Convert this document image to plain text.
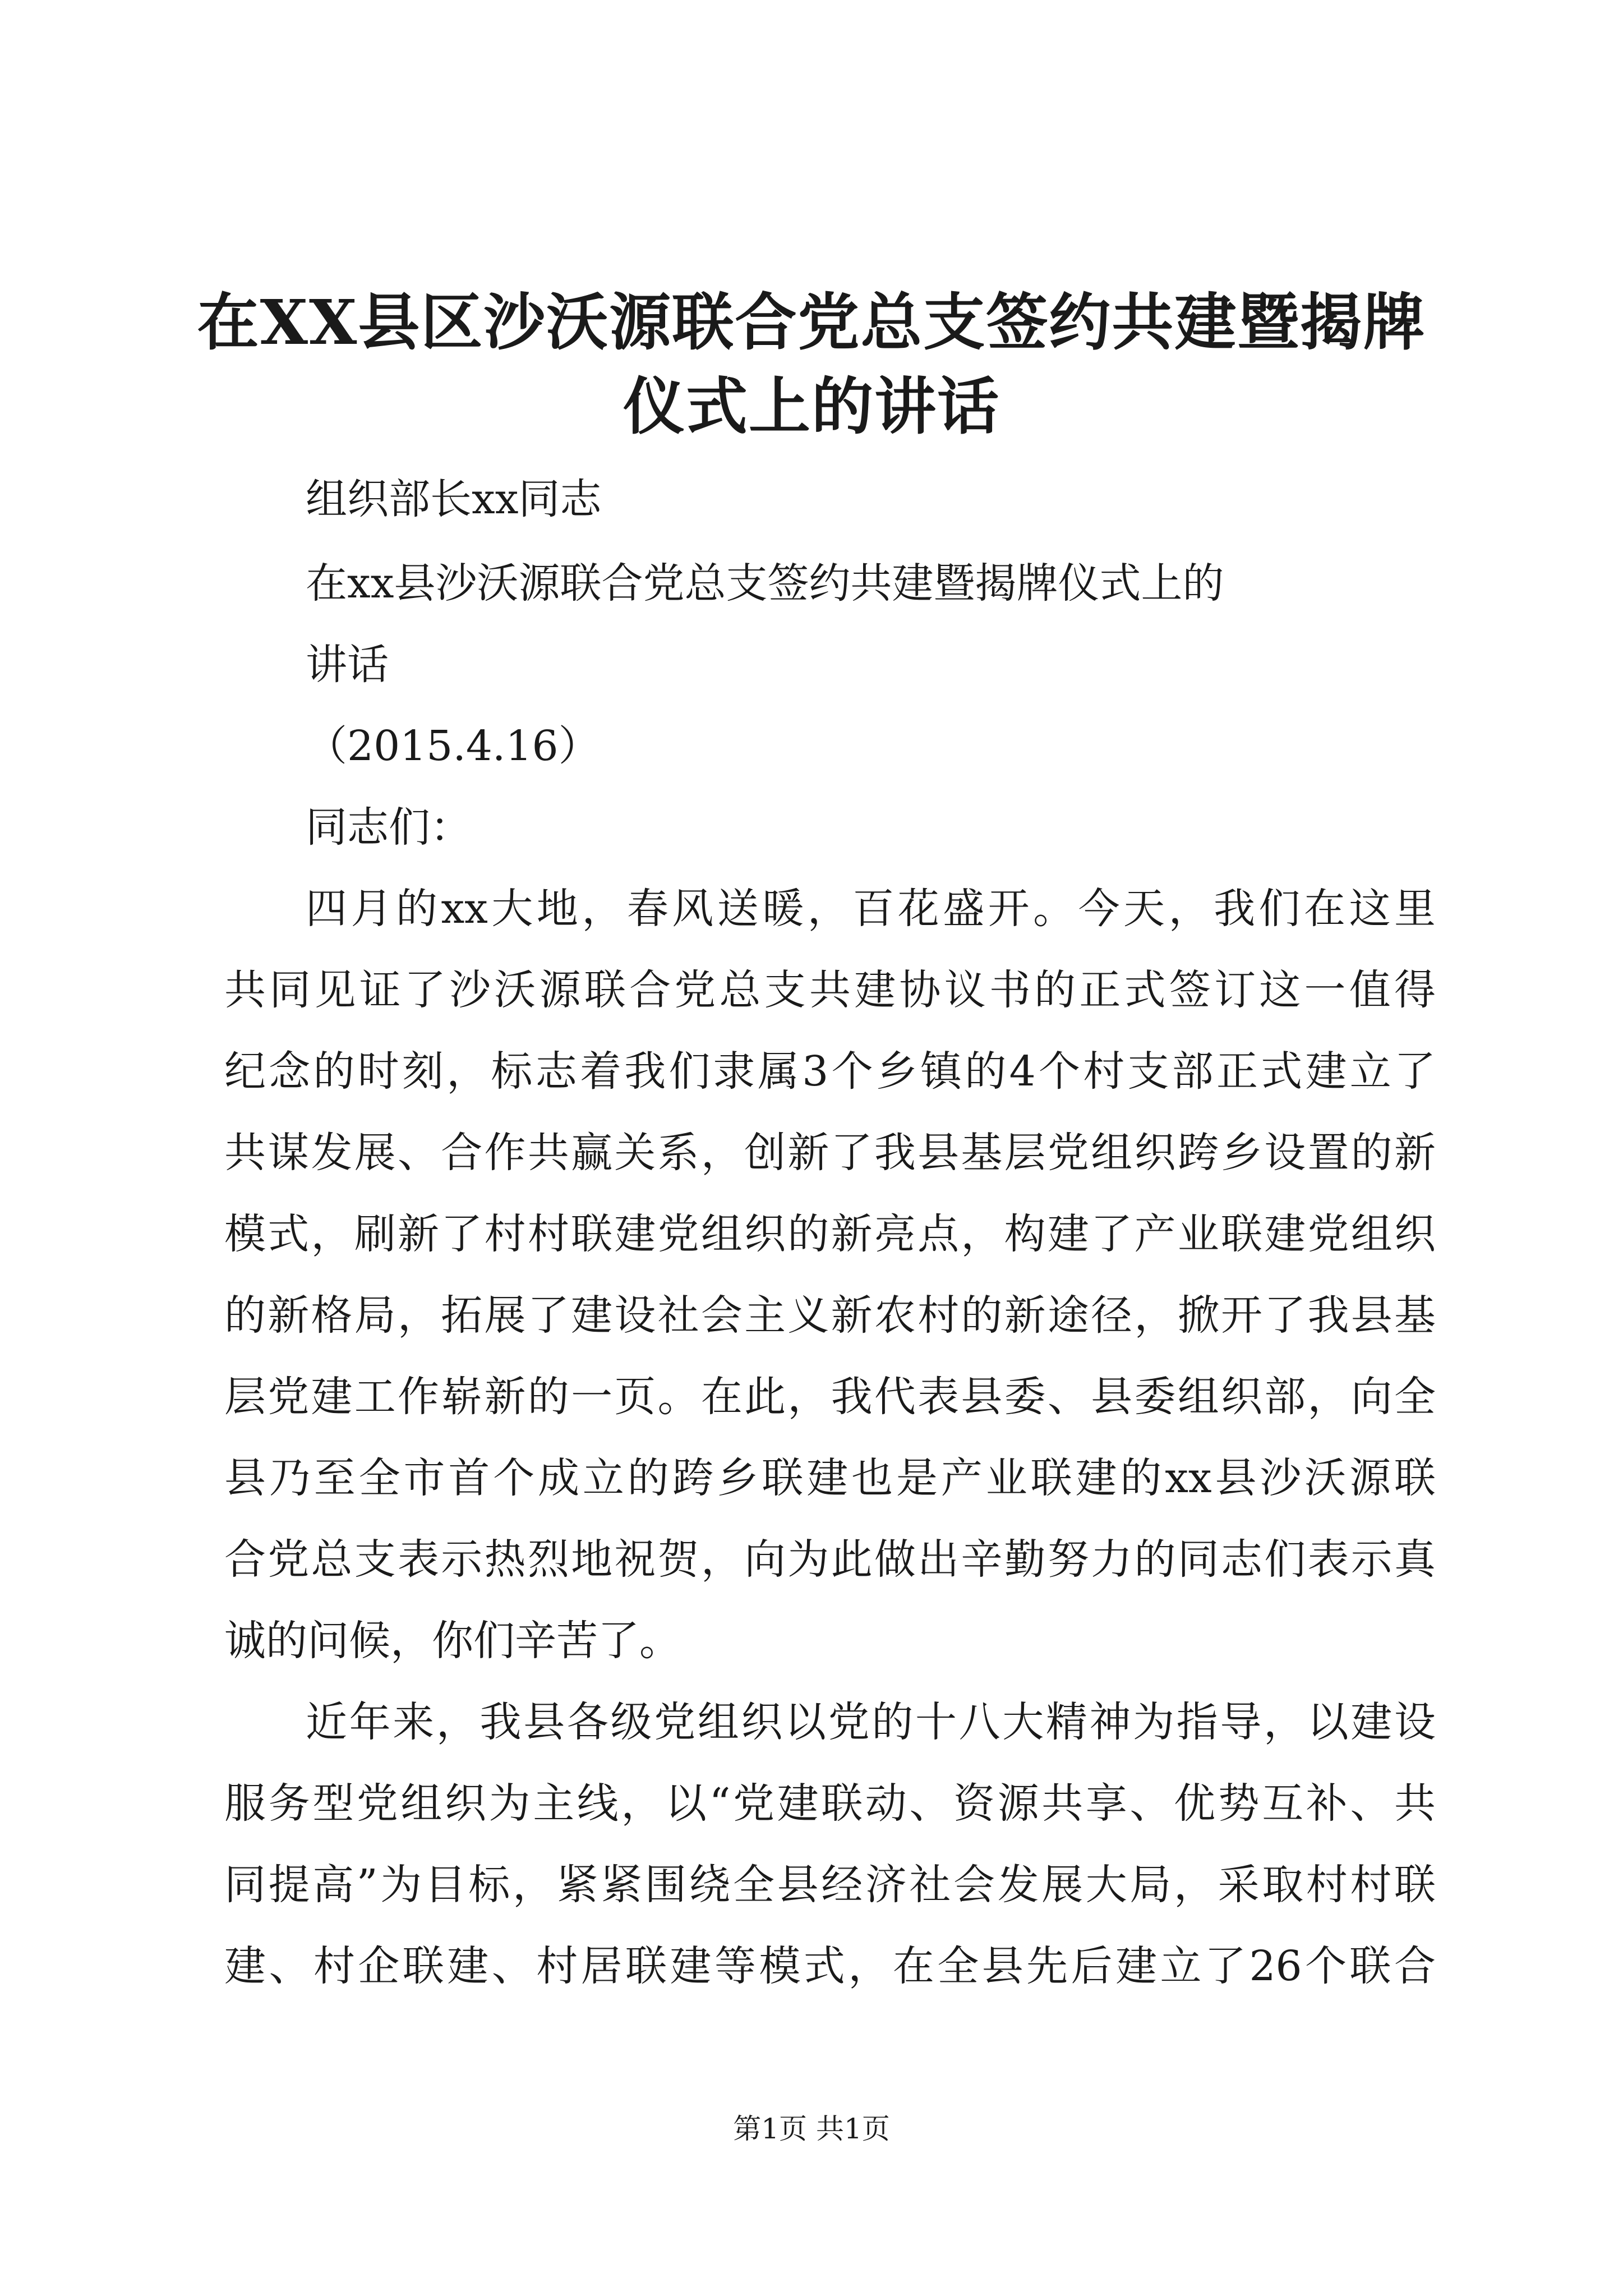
在XX县区沙沃源联合党总支签约共建暨揭牌
仪式上的讲话
组织部长xx同志
在xx县沙沃源联合党总支签约共建暨揭牌仪式上的
讲话
（2015.4.16）
同志们：
四月的xx大地，春风送暖，百花盛开。今天，我们在这里
共同见证了沙沃源联合党总支共建协议书的正式签订这一值得
纪念的时刻，标志着我们隶属3个乡镇的4个村支部正式建立了
共谋发展、合作共赢关系，创新了我县基层党组织跨乡设置的新
模式，刷新了村村联建党组织的新亮点，构建了产业联建党组织
的新格局，拓展了建设社会主义新农村的新途径，掀开了我县基
层党建工作崭新的一页。在此，我代表县委、县委组织部，向全
县乃至全市首个成立的跨乡联建也是产业联建的xx县沙沃源联
合党总支表示热烈地祝贺，向为此做出辛勤努力的同志们表示真
诚的问候，你们辛苦了。
近年来，我县各级党组织以党的十八大精神为指导，以建设
服务型党组织为主线，以“党建联动、资源共享、优势互补、共
同提高”为目标，紧紧围绕全县经济社会发展大局，采取村村联
建、村企联建、村居联建等模式，在全县先后建立了26个联合
第1页 共1页
